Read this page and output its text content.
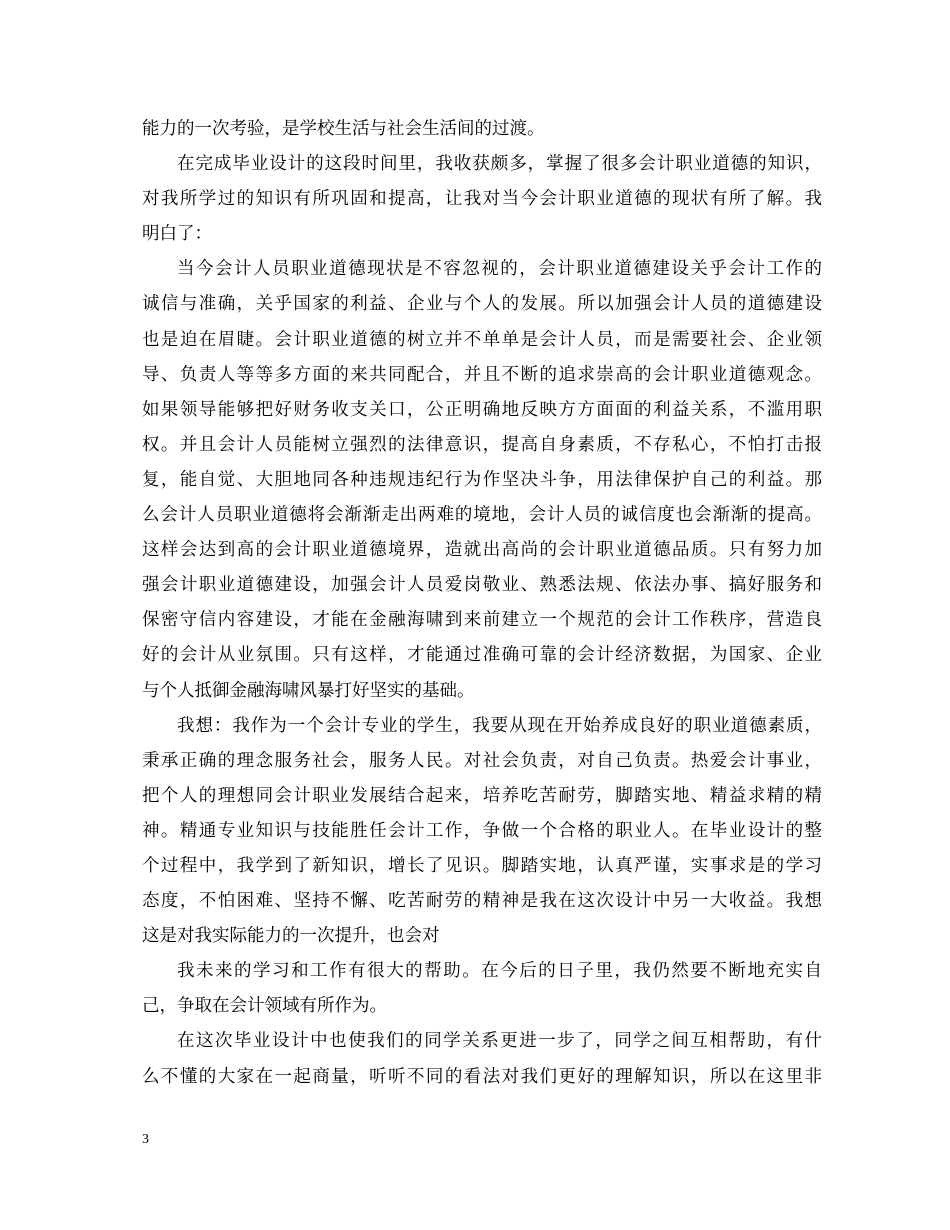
能力的一次考验，是学校生活与社会生活间的过渡。
在完成毕业设计的这段时间里，我收获颇多，掌握了很多会计职业道德的知识，
对我所学过的知识有所巩固和提高，让我对当今会计职业道德的现状有所了解。我
明白了：
当今会计人员职业道德现状是不容忽视的，会计职业道德建设关乎会计工作的
诚信与准确，关乎国家的利益、企业与个人的发展。所以加强会计人员的道德建设
也是迫在眉睫。会计职业道德的树立并不单单是会计人员，而是需要社会、企业领
导、负责人等等多方面的来共同配合，并且不断的追求崇高的会计职业道德观念。
如果领导能够把好财务收支关口，公正明确地反映方方面面的利益关系，不滥用职
权。并且会计人员能树立强烈的法律意识，提高自身素质，不存私心，不怕打击报
复，能自觉、大胆地同各种违规违纪行为作坚决斗争，用法律保护自己的利益。那
么会计人员职业道德将会渐渐走出两难的境地，会计人员的诚信度也会渐渐的提高。
这样会达到高的会计职业道德境界，造就出高尚的会计职业道德品质。只有努力加
强会计职业道德建设，加强会计人员爱岗敬业、熟悉法规、依法办事、搞好服务和
保密守信内容建设，才能在金融海啸到来前建立一个规范的会计工作秩序，营造良
好的会计从业氛围。只有这样，才能通过准确可靠的会计经济数据，为国家、企业
与个人抵御金融海啸风暴打好坚实的基础。
我想：我作为一个会计专业的学生，我要从现在开始养成良好的职业道德素质，
秉承正确的理念服务社会，服务人民。对社会负责，对自己负责。热爱会计事业，
把个人的理想同会计职业发展结合起来，培养吃苦耐劳，脚踏实地、精益求精的精
神。精通专业知识与技能胜任会计工作，争做一个合格的职业人。在毕业设计的整
个过程中，我学到了新知识，增长了见识。脚踏实地，认真严谨，实事求是的学习
态度，不怕困难、坚持不懈、吃苦耐劳的精神是我在这次设计中另一大收益。我想
这是对我实际能力的一次提升，也会对
我未来的学习和工作有很大的帮助。在今后的日子里，我仍然要不断地充实自
己，争取在会计领域有所作为。
在这次毕业设计中也使我们的同学关系更进一步了，同学之间互相帮助，有什
么不懂的大家在一起商量，听听不同的看法对我们更好的理解知识，所以在这里非
3
